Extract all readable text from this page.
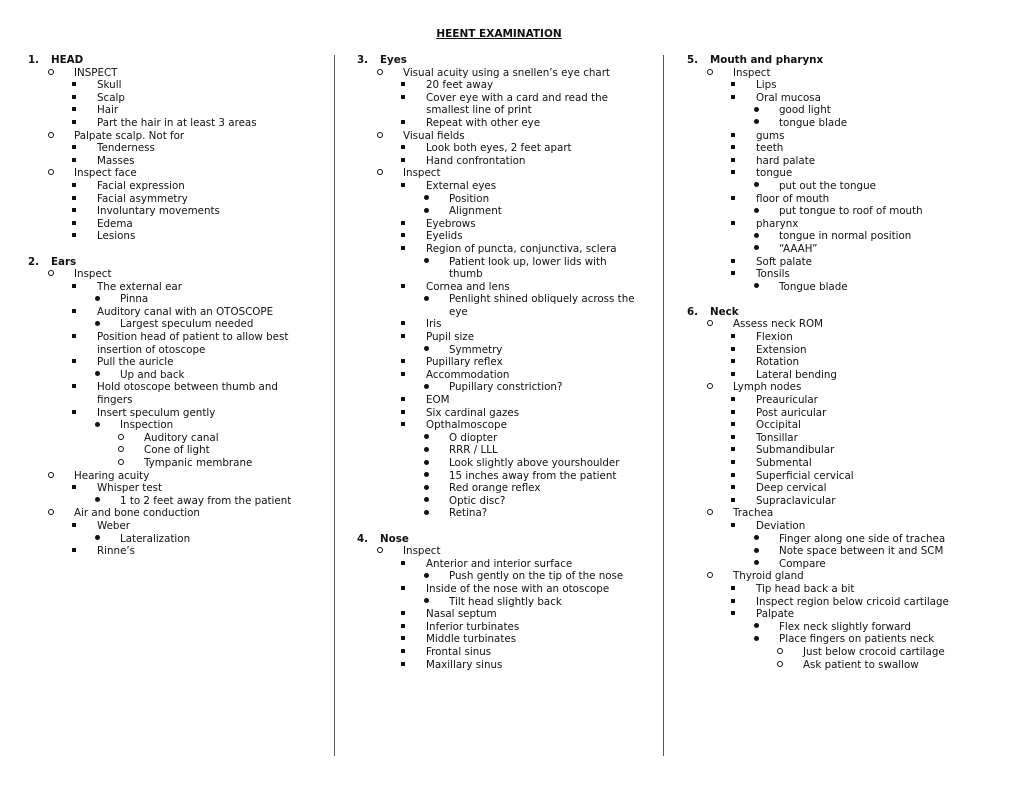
HEENT EXAMINATION
1. HEAD
INSPECT
Skull
Scalp
Hair
Part the hair in at least 3 areas
Palpate scalp. Not for
Tenderness
Masses
Inspect face
Facial expression
Facial asymmetry
Involuntary movements
Edema
Lesions
2. Ears
Inspect
The external ear
Pinna
Auditory canal with an OTOSCOPE
Largest speculum needed
Position head of patient to allow best
insertion of otoscope
Pull the auricle
Up and back
Hold otoscope between thumb and
fingers
Insert speculum gently
Inspection
Auditory canal
Cone of light
Tympanic membrane
Hearing acuity
Whisper test
1 to 2 feet away from the patient
Air and bone conduction
Weber
Lateralization
Rinne’s
3. Eyes
Visual acuity using a snellen’s eye chart
20 feet away
Cover eye with a card and read the
smallest line of print
Repeat with other eye
Visual fields
Look both eyes, 2 feet apart
Hand confrontation
Inspect
External eyes
Position
Alignment
Eyebrows
Eyelids
Region of puncta, conjunctiva, sclera
Patient look up, lower lids with
thumb
Cornea and lens
Penlight shined obliquely across the
eye
Iris
Pupil size
Symmetry
Pupillary reflex
Accommodation
Pupillary constriction?
EOM
Six cardinal gazes
Opthalmoscope
O diopter
RRR / LLL
Look slightly above yourshoulder
15 inches away from the patient
Red orange reflex
Optic disc?
Retina?
4. Nose
Inspect
Anterior and interior surface
Push gently on the tip of the nose
Inside of the nose with an otoscope
Tilt head slightly back
Nasal septum
Inferior turbinates
Middle turbinates
Frontal sinus
Maxillary sinus
5. Mouth and pharynx
Inspect
Lips
Oral mucosa
good light
tongue blade
gums
teeth
hard palate
tongue
put out the tongue
floor of mouth
put tongue to roof of mouth
pharynx
tongue in normal position
“AAAH”
Soft palate
Tonsils
Tongue blade
6. Neck
Assess neck ROM
Flexion
Extension
Rotation
Lateral bending
Lymph nodes
Preauricular
Post auricular
Occipital
Tonsillar
Submandibular
Submental
Superficial cervical
Deep cervical
Supraclavicular
Trachea
Deviation
Finger along one side of trachea
Note space between it and SCM
Compare
Thyroid gland
Tip head back a bit
Inspect region below cricoid cartilage
Palpate
Flex neck slightly forward
Place fingers on patients neck
Just below crocoid cartilage
Ask patient to swallow
